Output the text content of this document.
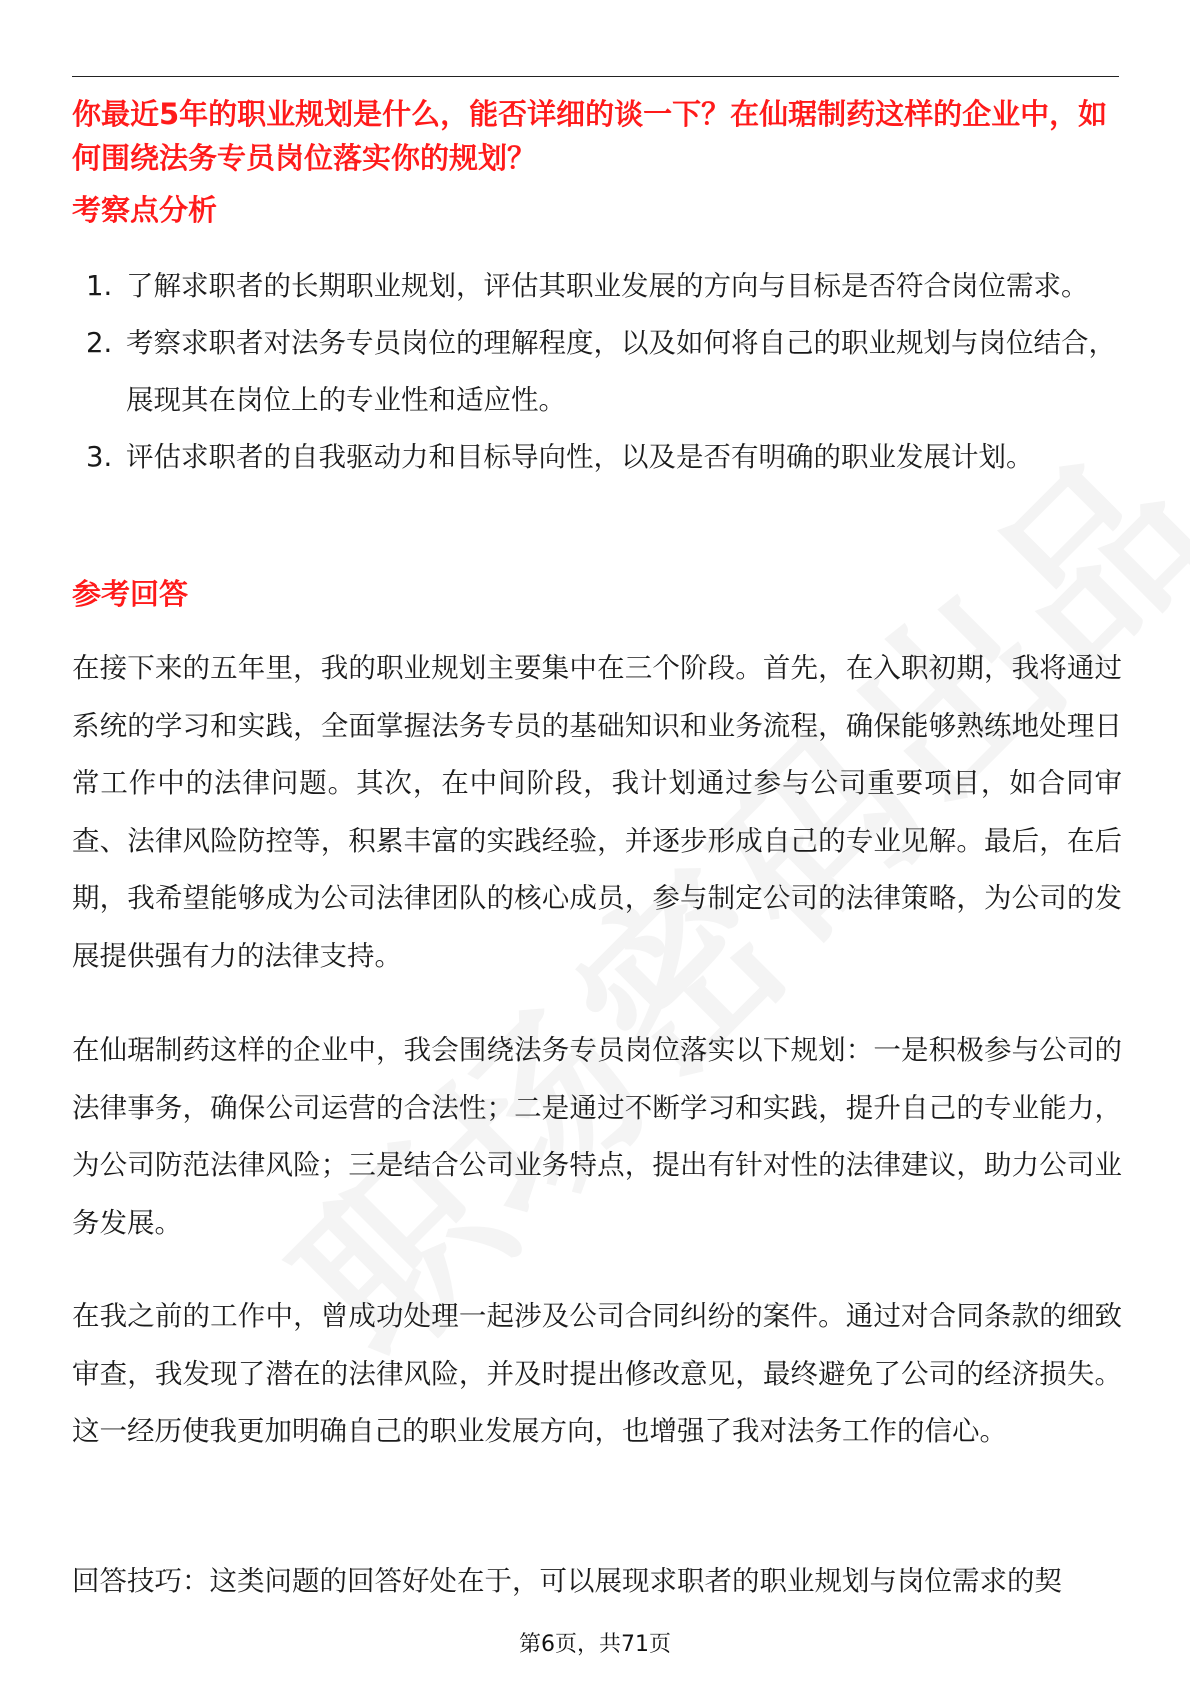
你最近5年的职业规划是什么，能否详细的谈一下？在仙琚制药这样的企业中，如何围绕法务专员岗位落实你的规划？

考察点分析
1. 了解求职者的长期职业规划，评估其职业发展的方向与目标是否符合岗位需求。
2. 考察求职者对法务专员岗位的理解程度，以及如何将自己的职业规划与岗位结合，展现其在岗位上的专业性和适应性。
3. 评估求职者的自我驱动力和目标导向性，以及是否有明确的职业发展计划。
参考回答

在接下来的五年里，我的职业规划主要集中在三个阶段。首先，在入职初期，我将通过系统的学习和实践，全面掌握法务专员的基础知识和业务流程，确保能够熟练地处理日常工作中的法律问题。其次，在中间阶段，我计划通过参与公司重要项目，如合同审查、法律风险防控等，积累丰富的实践经验，并逐步形成自己的专业见解。最后，在后期，我希望能够成为公司法律团队的核心成员，参与制定公司的法律策略，为公司的发展提供强有力的法律支持。

在仙琚制药这样的企业中，我会围绕法务专员岗位落实以下规划：一是积极参与公司的法律事务，确保公司运营的合法性；二是通过不断学习和实践，提升自己的专业能力，为公司防范法律风险；三是结合公司业务特点，提出有针对性的法律建议，助力公司业务发展。

在我之前的工作中，曾成功处理一起涉及公司合同纠纷的案件。通过对合同条款的细致审查，我发现了潜在的法律风险，并及时提出修改意见，最终避免了公司的经济损失。这一经历使我更加明确自己的职业发展方向，也增强了我对法务工作的信心。

回答技巧：这类问题的回答好处在于，可以展现求职者的职业规划与岗位需求的契

第6页，共71页
